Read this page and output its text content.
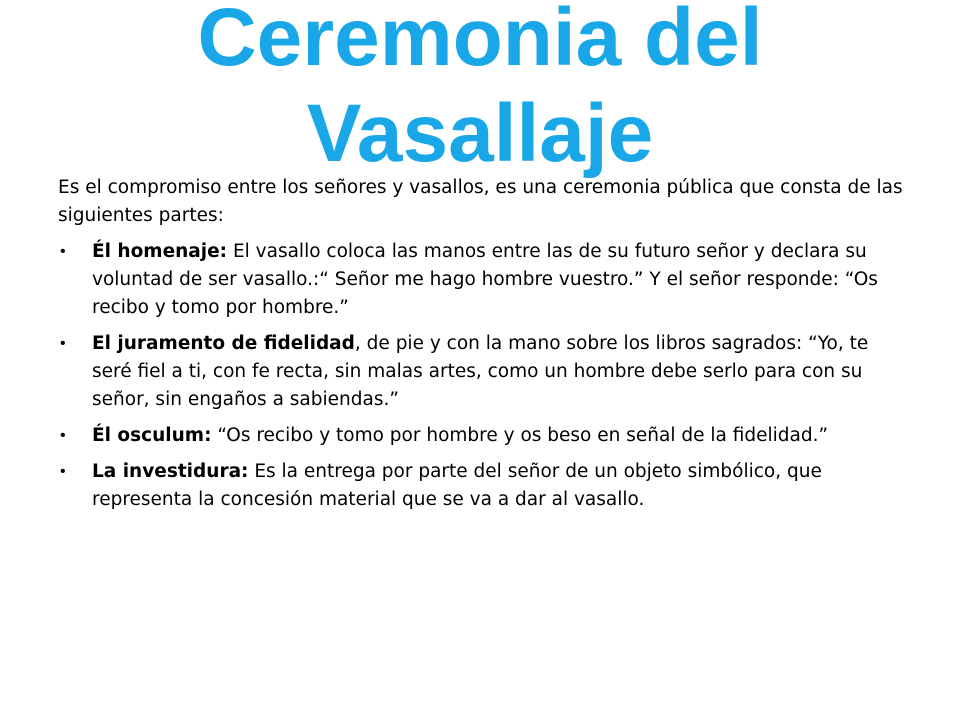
Ceremonia del
Vasallaje

Es el compromiso entre los señores y vasallos, es una ceremonia pública que consta de las siguientes partes:

• Él homenaje: El vasallo coloca las manos entre las de su futuro señor y declara su voluntad de ser vasallo.:“ Señor me hago hombre vuestro.” Y el señor responde: “Os recibo y tomo por hombre.”
• El juramento de fidelidad, de pie y con la mano sobre los libros sagrados: “Yo, te seré fiel a ti, con fe recta, sin malas artes, como un hombre debe serlo para con su señor, sin engaños a sabiendas.”
• Él osculum: “Os recibo y tomo por hombre y os beso en señal de la fidelidad.”
• La investidura: Es la entrega por parte del señor de un objeto simbólico, que representa la concesión material que se va a dar al vasallo.
